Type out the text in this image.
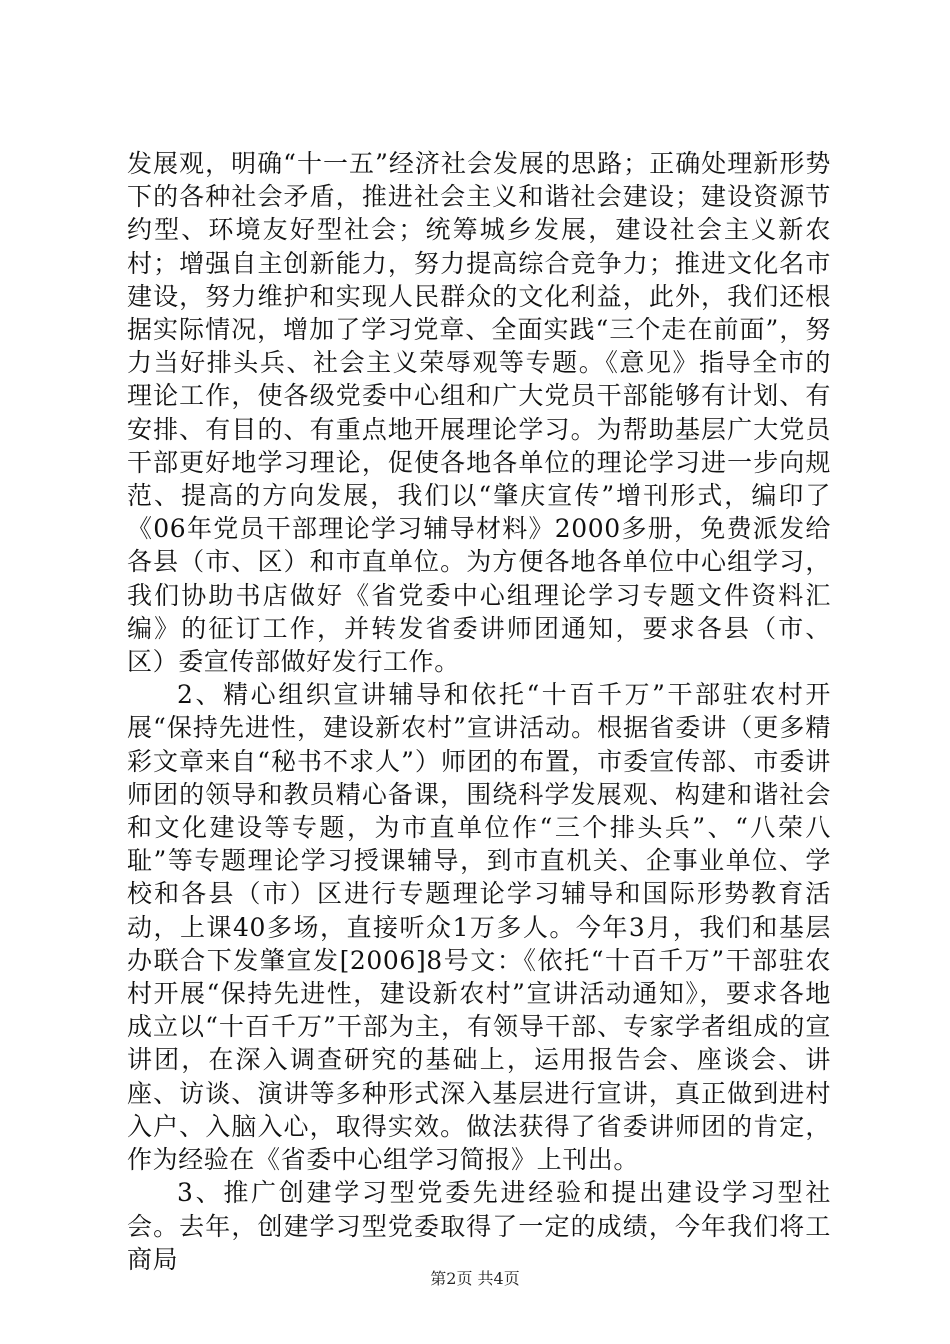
发展观，明确“十一五”经济社会发展的思路；正确处理新形势下的各种社会矛盾，推进社会主义和谐社会建设；建设资源节约型、环境友好型社会；统筹城乡发展，建设社会主义新农村；增强自主创新能力，努力提高综合竞争力；推进文化名市建设，努力维护和实现人民群众的文化利益，此外，我们还根据实际情况，增加了学习党章、全面实践“三个走在前面”，努力当好排头兵、社会主义荣辱观等专题。《意见》指导全市的理论工作，使各级党委中心组和广大党员干部能够有计划、有安排、有目的、有重点地开展理论学习。为帮助基层广大党员干部更好地学习理论，促使各地各单位的理论学习进一步向规范、提高的方向发展，我们以“肇庆宣传”增刊形式，编印了《06年党员干部理论学习辅导材料》2000多册，免费派发给各县（市、区）和市直单位。为方便各地各单位中心组学习，我们协助书店做好《省党委中心组理论学习专题文件资料汇编》的征订工作，并转发省委讲师团通知，要求各县（市、区）委宣传部做好发行工作。

2、精心组织宣讲辅导和依托“十百千万”干部驻农村开展“保持先进性，建设新农村”宣讲活动。根据省委讲（更多精彩文章来自“秘书不求人”）师团的布置，市委宣传部、市委讲师团的领导和教员精心备课，围绕科学发展观、构建和谐社会和文化建设等专题，为市直单位作“三个排头兵”、“八荣八耻”等专题理论学习授课辅导，到市直机关、企事业单位、学校和各县（市）区进行专题理论学习辅导和国际形势教育活动，上课40多场，直接听众1万多人。今年3月，我们和基层办联合下发肇宣发[2006]8号文：《依托“十百千万”干部驻农村开展“保持先进性，建设新农村”宣讲活动通知》，要求各地成立以“十百千万”干部为主，有领导干部、专家学者组成的宣讲团，在深入调查研究的基础上，运用报告会、座谈会、讲座、访谈、演讲等多种形式深入基层进行宣讲，真正做到进村入户、入脑入心，取得实效。做法获得了省委讲师团的肯定，作为经验在《省委中心组学习简报》上刊出。

3、推广创建学习型党委先进经验和提出建设学习型社会。去年，创建学习型党委取得了一定的成绩，今年我们将工商局

第2页 共4页
